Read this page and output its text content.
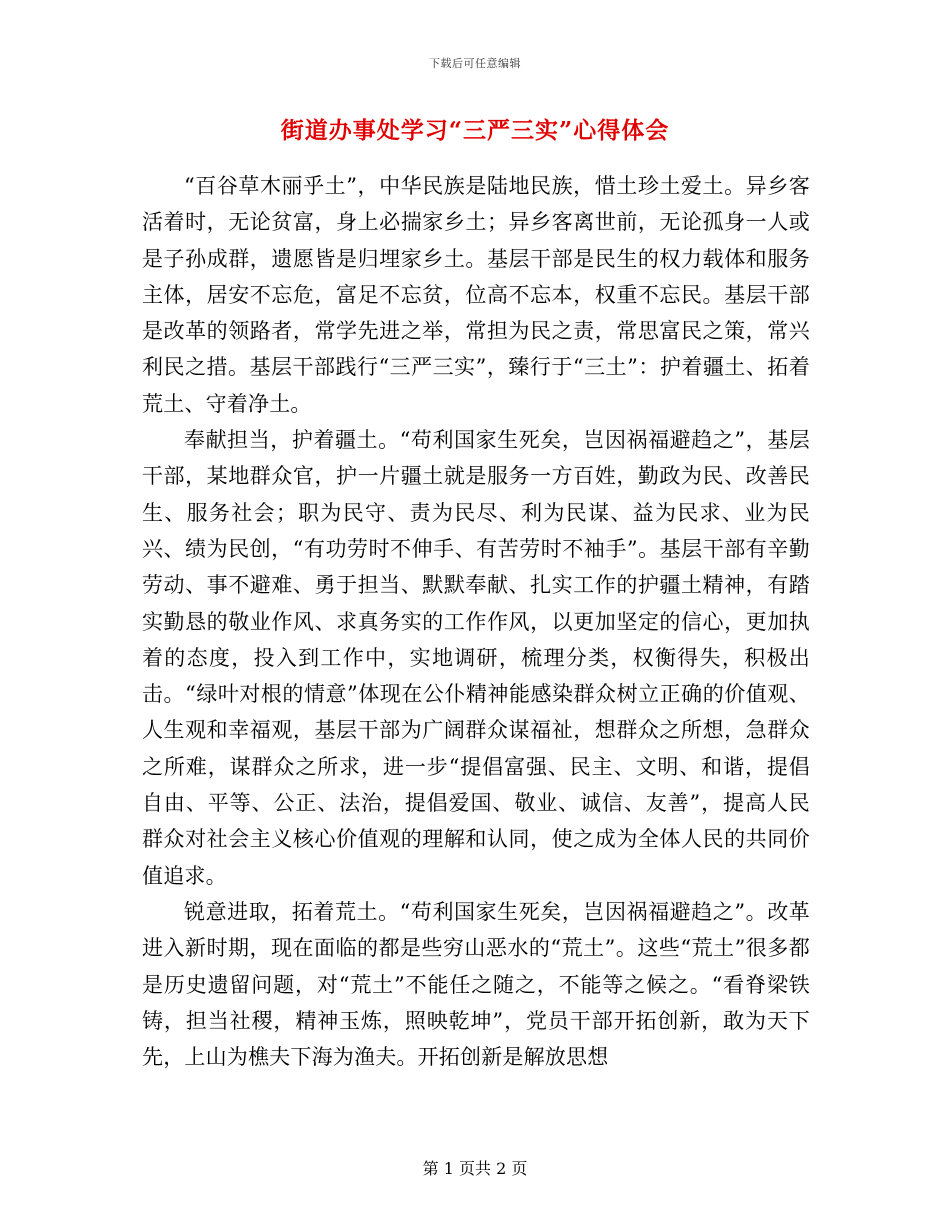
下载后可任意编辑
街道办事处学习“三严三实”心得体会

“百谷草木丽乎土”，中华民族是陆地民族，惜土珍土爱土。异乡客活着时，无论贫富，身上必揣家乡土；异乡客离世前，无论孤身一人或是子孙成群，遗愿皆是归埋家乡土。基层干部是民生的权力载体和服务主体，居安不忘危，富足不忘贫，位高不忘本，权重不忘民。基层干部是改革的领路者，常学先进之举，常担为民之责，常思富民之策，常兴利民之措。基层干部践行“三严三实”，臻行于“三土”：护着疆土、拓着荒土、守着净土。

奉献担当，护着疆土。“苟利国家生死矣，岂因祸福避趋之”，基层干部，某地群众官，护一片疆土就是服务一方百姓，勤政为民、改善民生、服务社会；职为民守、责为民尽、利为民谋、益为民求、业为民兴、绩为民创，“有功劳时不伸手、有苦劳时不袖手”。基层干部有辛勤劳动、事不避难、勇于担当、默默奉献、扎实工作的护疆土精神，有踏实勤恳的敬业作风、求真务实的工作作风，以更加坚定的信心，更加执着的态度，投入到工作中，实地调研，梳理分类，权衡得失，积极出击。“绿叶对根的情意”体现在公仆精神能感染群众树立正确的价值观、人生观和幸福观，基层干部为广阔群众谋福祉，想群众之所想，急群众之所难，谋群众之所求，进一步“提倡富强、民主、文明、和谐，提倡自由、平等、公正、法治，提倡爱国、敬业、诚信、友善”，提高人民群众对社会主义核心价值观的理解和认同，使之成为全体人民的共同价值追求。

锐意进取，拓着荒土。“苟利国家生死矣，岂因祸福避趋之”。改革进入新时期，现在面临的都是些穷山恶水的“荒土”。这些“荒土”很多都是历史遗留问题，对“荒土”不能任之随之，不能等之候之。“看脊梁铁铸，担当社稷，精神玉炼，照映乾坤”，党员干部开拓创新，敢为天下先，上山为樵夫下海为渔夫。开拓创新是解放思想

第 1 页共 2 页
